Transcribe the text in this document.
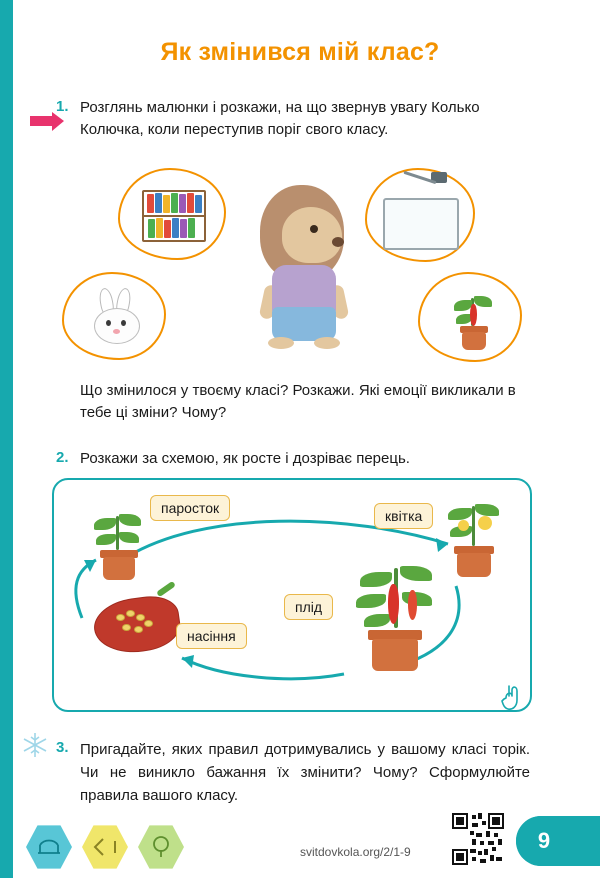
Як змінився мій клас?
1. Розглянь малюнки і розкажи, на що звернув увагу Колько Колючка, коли переступив поріг свого класу.
Що змінилося у твоєму класі? Розкажи. Які емоції викликали в тебе ці зміни? Чому?
2. Розкажи за схемою, як росте і дозріває перець.
паросток	квітка
плід
насіння
3. Пригадайте, яких правил дотримувались у вашому класі торік. Чи не виникло бажання їх змінити? Чому? Сформулюйте правила вашого класу.
svitdovkola.org/2/1-9	9
